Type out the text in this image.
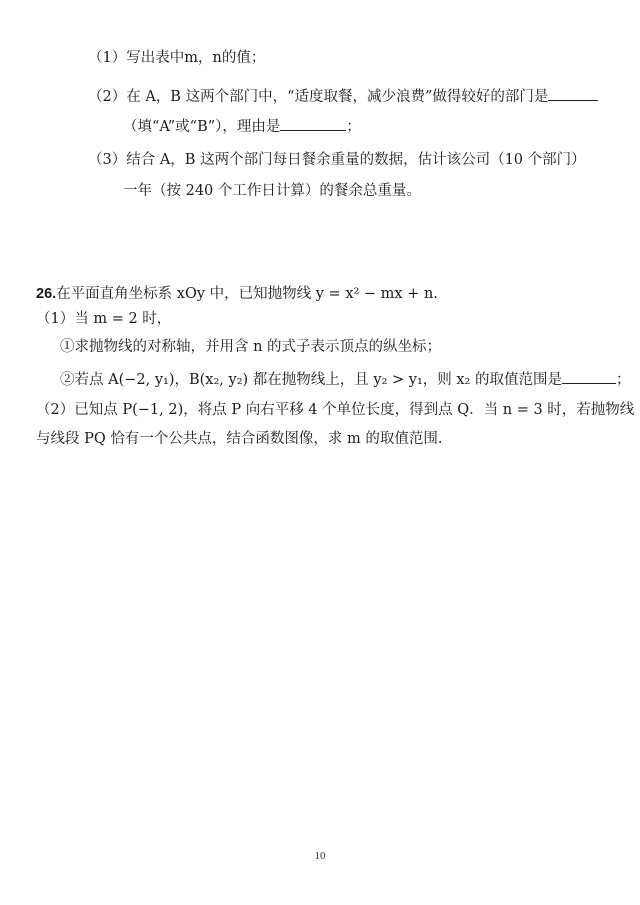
（1）写出表中m，n的值；
（2）在 A，B 这两个部门中，“适度取餐，减少浪费”做得较好的部门是
（填“A”或“B”），理由是	；
（3）结合 A，B 这两个部门每日餐余重量的数据，估计该公司（10 个部门）
一年（按 240 个工作日计算）的餐余总重量。
26.在平面直角坐标系 xOy 中，已知抛物线 y = x² − mx + n.
（1）当 m = 2 时，
①求抛物线的对称轴，并用含 n 的式子表示顶点的纵坐标；
②若点 A(−2, y₁)，B(x₂, y₂) 都在抛物线上，且 y₂ > y₁，则 x₂ 的取值范围是	；
（2）已知点 P(−1, 2)，将点 P 向右平移 4 个单位长度，得到点 Q．当 n = 3 时，若抛物线
与线段 PQ 恰有一个公共点，结合函数图像，求 m 的取值范围.
10
